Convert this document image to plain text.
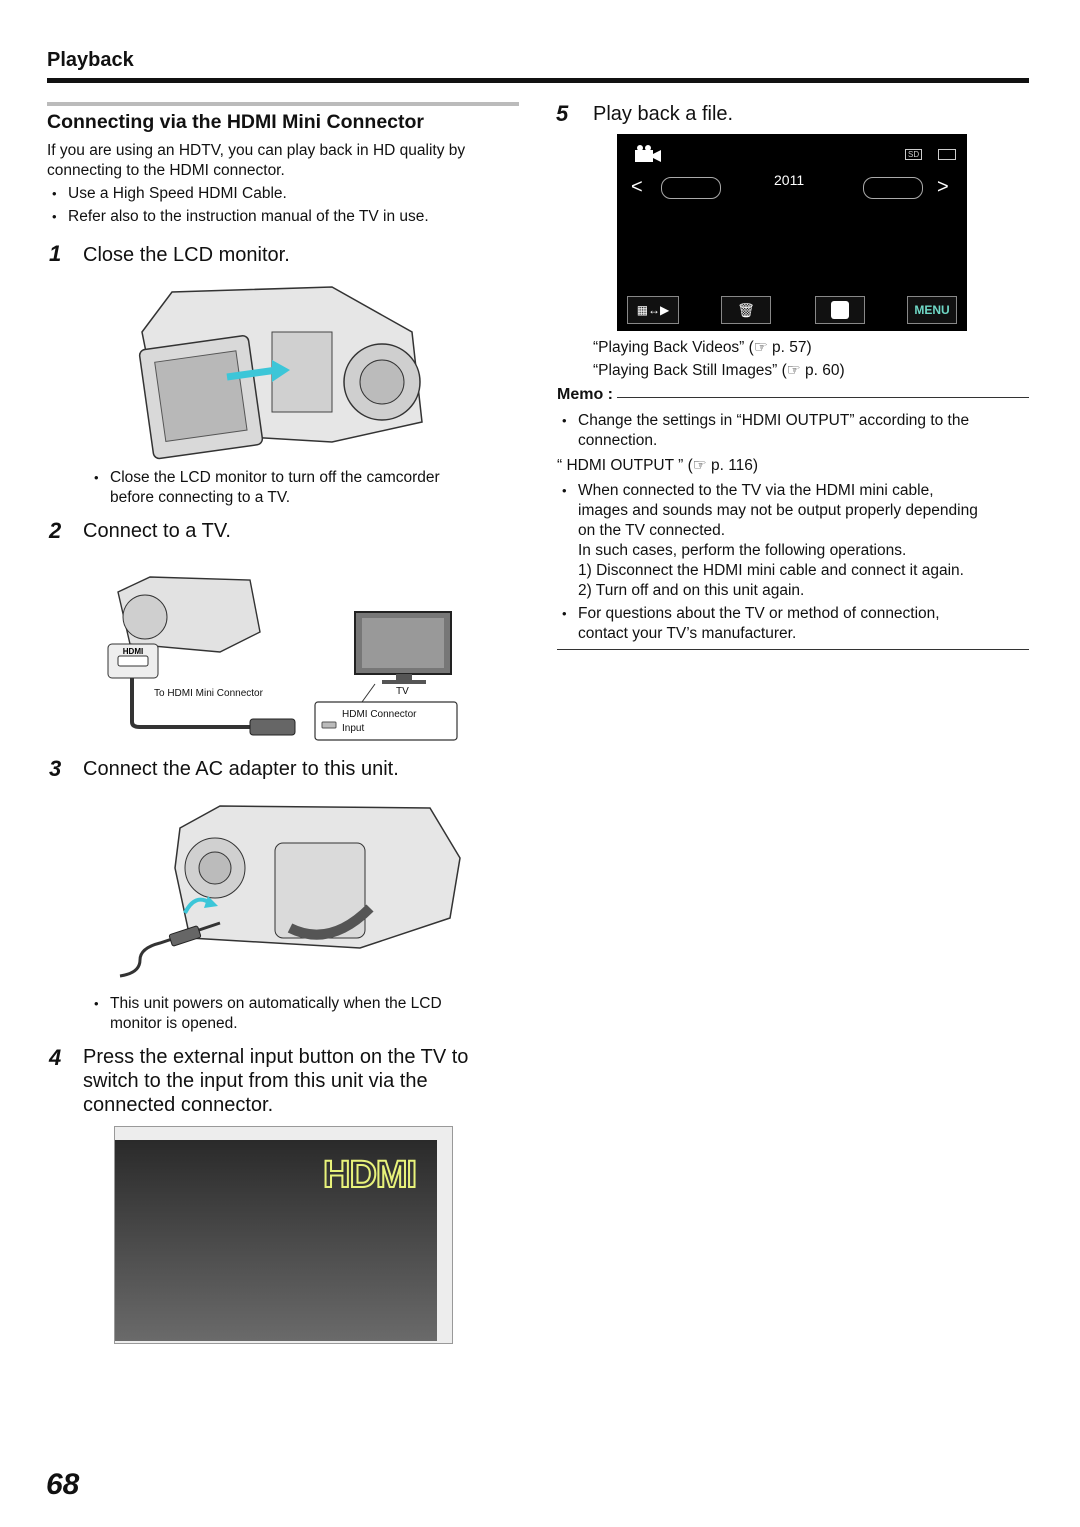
Playback
Connecting via the HDMI Mini Connector
If you are using an HDTV, you can play back in HD quality by
connecting to the HDMI connector.
• Use a High Speed HDMI Cable.
• Refer also to the instruction manual of the TV in use.
1 Close the LCD monitor.
• Close the LCD monitor to turn off the camcorder
before connecting to a TV.
2 Connect to a TV.
HDMI
To HDMI Mini Connector	TV
HDMI Connector
Input
3 Connect the AC adapter to this unit.
• This unit powers on automatically when the LCD
monitor is opened.
4 Press the external input button on the TV to
switch to the input from this unit via the
connected connector.
HDMI
5 Play back a file.
SD
<	2011	>
▦↔▶	🗑	MENU
“Playing Back Videos” (☞ p. 57)
“Playing Back Still Images” (☞ p. 60)
Memo :
• Change the settings in “HDMI OUTPUT” according to the
connection.
“ HDMI OUTPUT ” (☞ p. 116)
• When connected to the TV via the HDMI mini cable,
images and sounds may not be output properly depending
on the TV connected.
In such cases, perform the following operations.
1) Disconnect the HDMI mini cable and connect it again.
2) Turn off and on this unit again.
• For questions about the TV or method of connection,
contact your TV’s manufacturer.
68
